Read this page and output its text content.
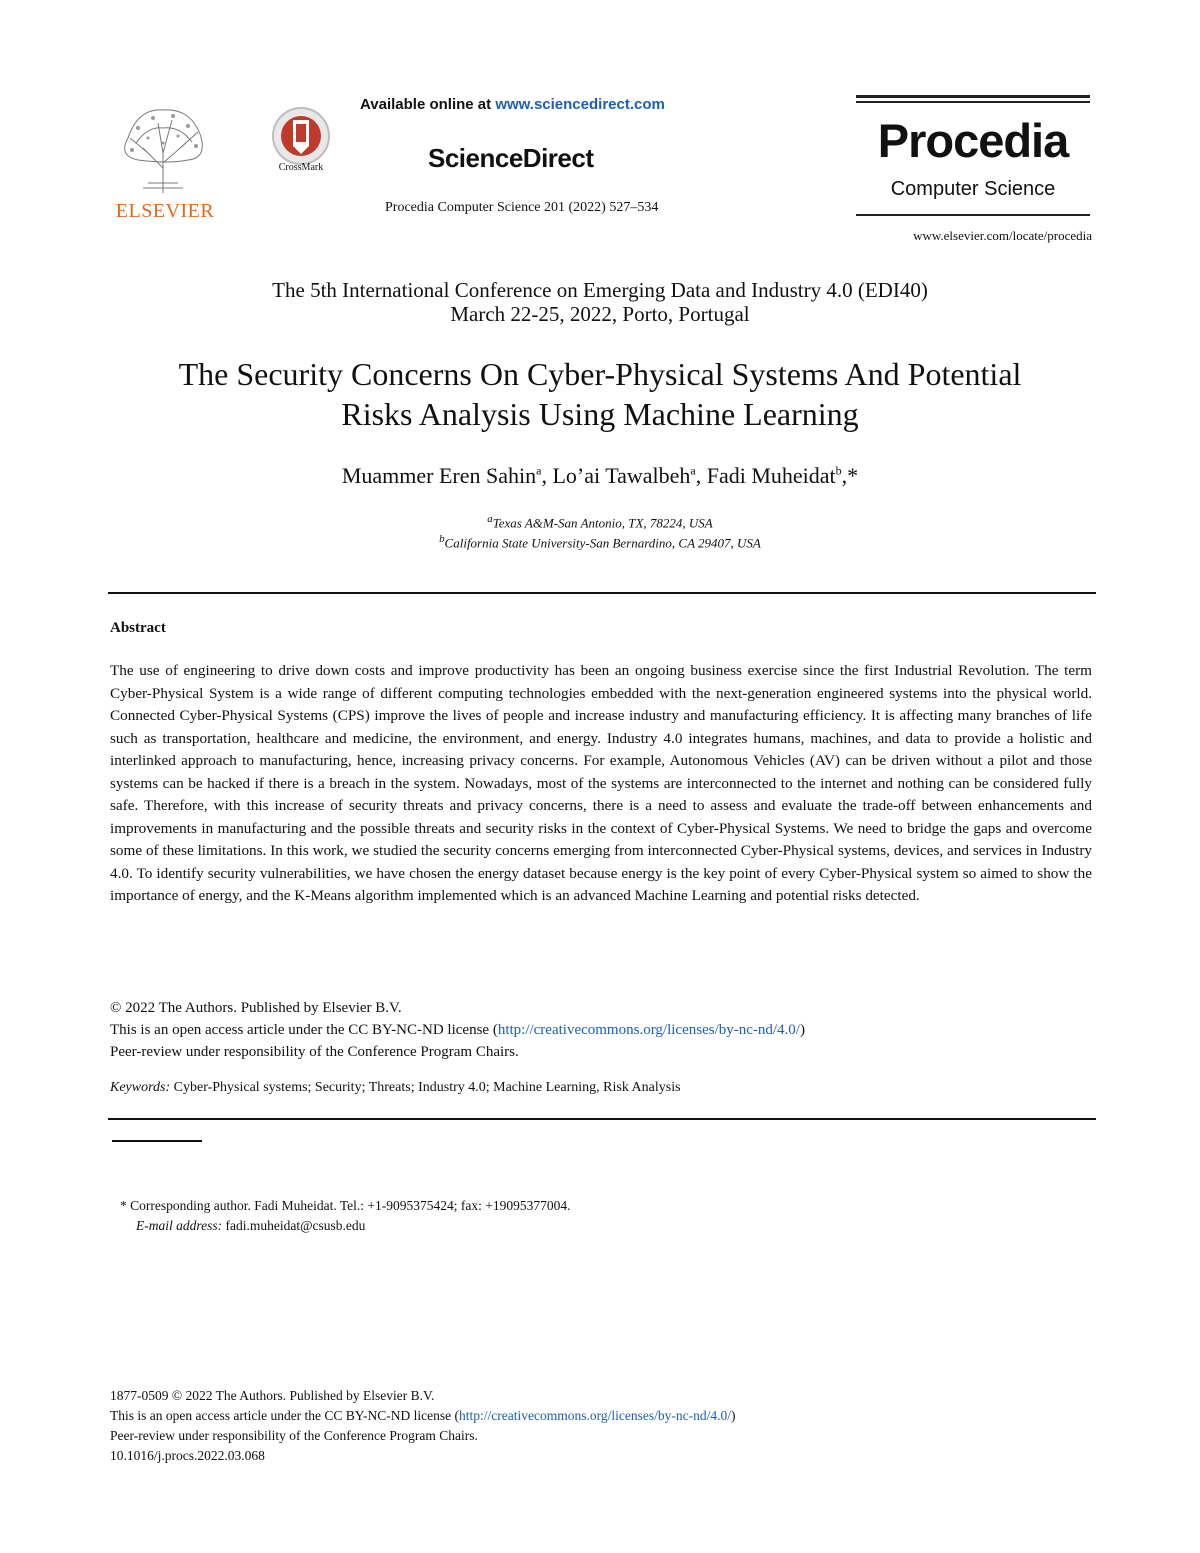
ELSEVIER
CrossMark
Available online at www.sciencedirect.com
ScienceDirect
Procedia Computer Science 201 (2022) 527–534
Procedia
Computer Science
www.elsevier.com/locate/procedia
The 5th International Conference on Emerging Data and Industry 4.0 (EDI40)
March 22-25, 2022, Porto, Portugal
The Security Concerns On Cyber-Physical Systems And Potential
Risks Analysis Using Machine Learning
Muammer Eren Sahin$^a$, Lo’ai Tawalbeh$^a$, Fadi Muheidat$^b$,*
$^a$Texas A&M-San Antonio, TX, 78224, USA
$^b$California State University-San Bernardino, CA 29407, USA
Abstract
The use of engineering to drive down costs and improve productivity has been an ongoing business exercise since the first Industrial Revolution. The term Cyber-Physical System is a wide range of different computing technologies embedded with the next-generation engineered systems into the physical world. Connected Cyber-Physical Systems (CPS) improve the lives of people and increase industry and manufacturing efficiency. It is affecting many branches of life such as transportation, healthcare and medicine, the environment, and energy. Industry 4.0 integrates humans, machines, and data to provide a holistic and interlinked approach to manufacturing, hence, increasing privacy concerns. For example, Autonomous Vehicles (AV) can be driven without a pilot and those systems can be hacked if there is a breach in the system. Nowadays, most of the systems are interconnected to the internet and nothing can be considered fully safe. Therefore, with this increase of security threats and privacy concerns, there is a need to assess and evaluate the trade-off between enhancements and improvements in manufacturing and the possible threats and security risks in the context of Cyber-Physical Systems. We need to bridge the gaps and overcome some of these limitations. In this work, we studied the security concerns emerging from interconnected Cyber-Physical systems, devices, and services in Industry 4.0. To identify security vulnerabilities, we have chosen the energy dataset because energy is the key point of every Cyber-Physical system so aimed to show the importance of energy, and the K-Means algorithm implemented which is an advanced Machine Learning and potential risks detected.
© 2022 The Authors. Published by Elsevier B.V.
This is an open access article under the CC BY-NC-ND license (http://creativecommons.org/licenses/by-nc-nd/4.0/)
Peer-review under responsibility of the Conference Program Chairs.
Keywords: Cyber-Physical systems; Security; Threats; Industry 4.0; Machine Learning, Risk Analysis
* Corresponding author. Fadi Muheidat. Tel.: +1-9095375424; fax: +19095377004.
E-mail address: fadi.muheidat@csusb.edu
1877-0509 © 2022 The Authors. Published by Elsevier B.V.
This is an open access article under the CC BY-NC-ND license (http://creativecommons.org/licenses/by-nc-nd/4.0/)
Peer-review under responsibility of the Conference Program Chairs.
10.1016/j.procs.2022.03.068
